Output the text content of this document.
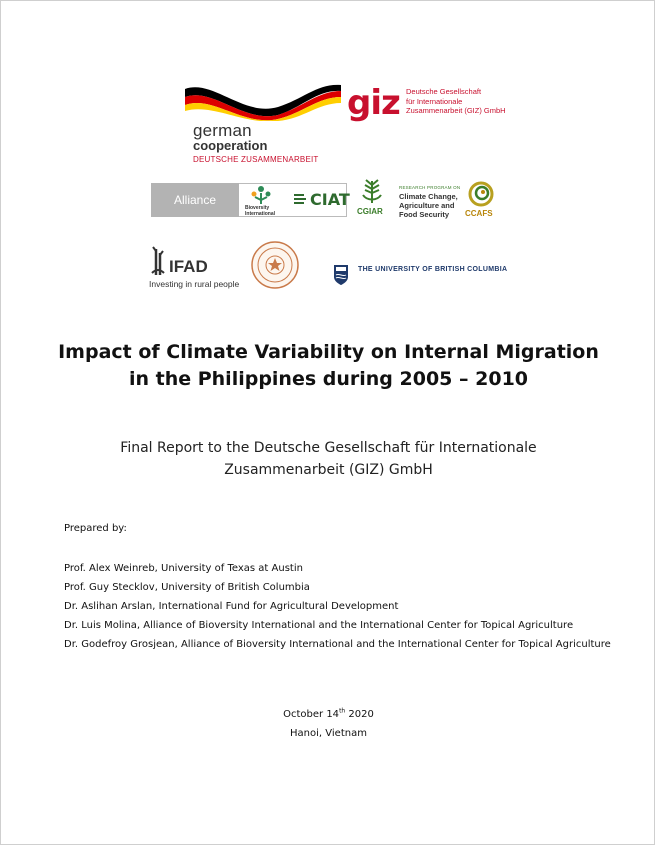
german
cooperation
DEUTSCHE ZUSAMMENARBEIT
giz Deutsche Gesellschaft
für Internationale
Zusammenarbeit (GIZ) GmbH
Alliance
Bioversity International
CIAT
CGIAR
RESEARCH PROGRAM ON
Climate Change,
Agriculture and
Food Security	CCAFS
IFAD
Investing in rural people
THE UNIVERSITY OF BRITISH COLUMBIA
Impact of Climate Variability on Internal Migration
in the Philippines during 2005 – 2010
Final Report to the Deutsche Gesellschaft für Internationale
Zusammenarbeit (GIZ) GmbH
Prepared by:
Prof. Alex Weinreb, University of Texas at Austin
Prof. Guy Stecklov, University of British Columbia
Dr. Aslihan Arslan, International Fund for Agricultural Development
Dr. Luis Molina, Alliance of Bioversity International and the International Center for Topical Agriculture
Dr. Godefroy Grosjean, Alliance of Bioversity International and the International Center for Topical Agriculture
October 14th 2020
Hanoi, Vietnam
